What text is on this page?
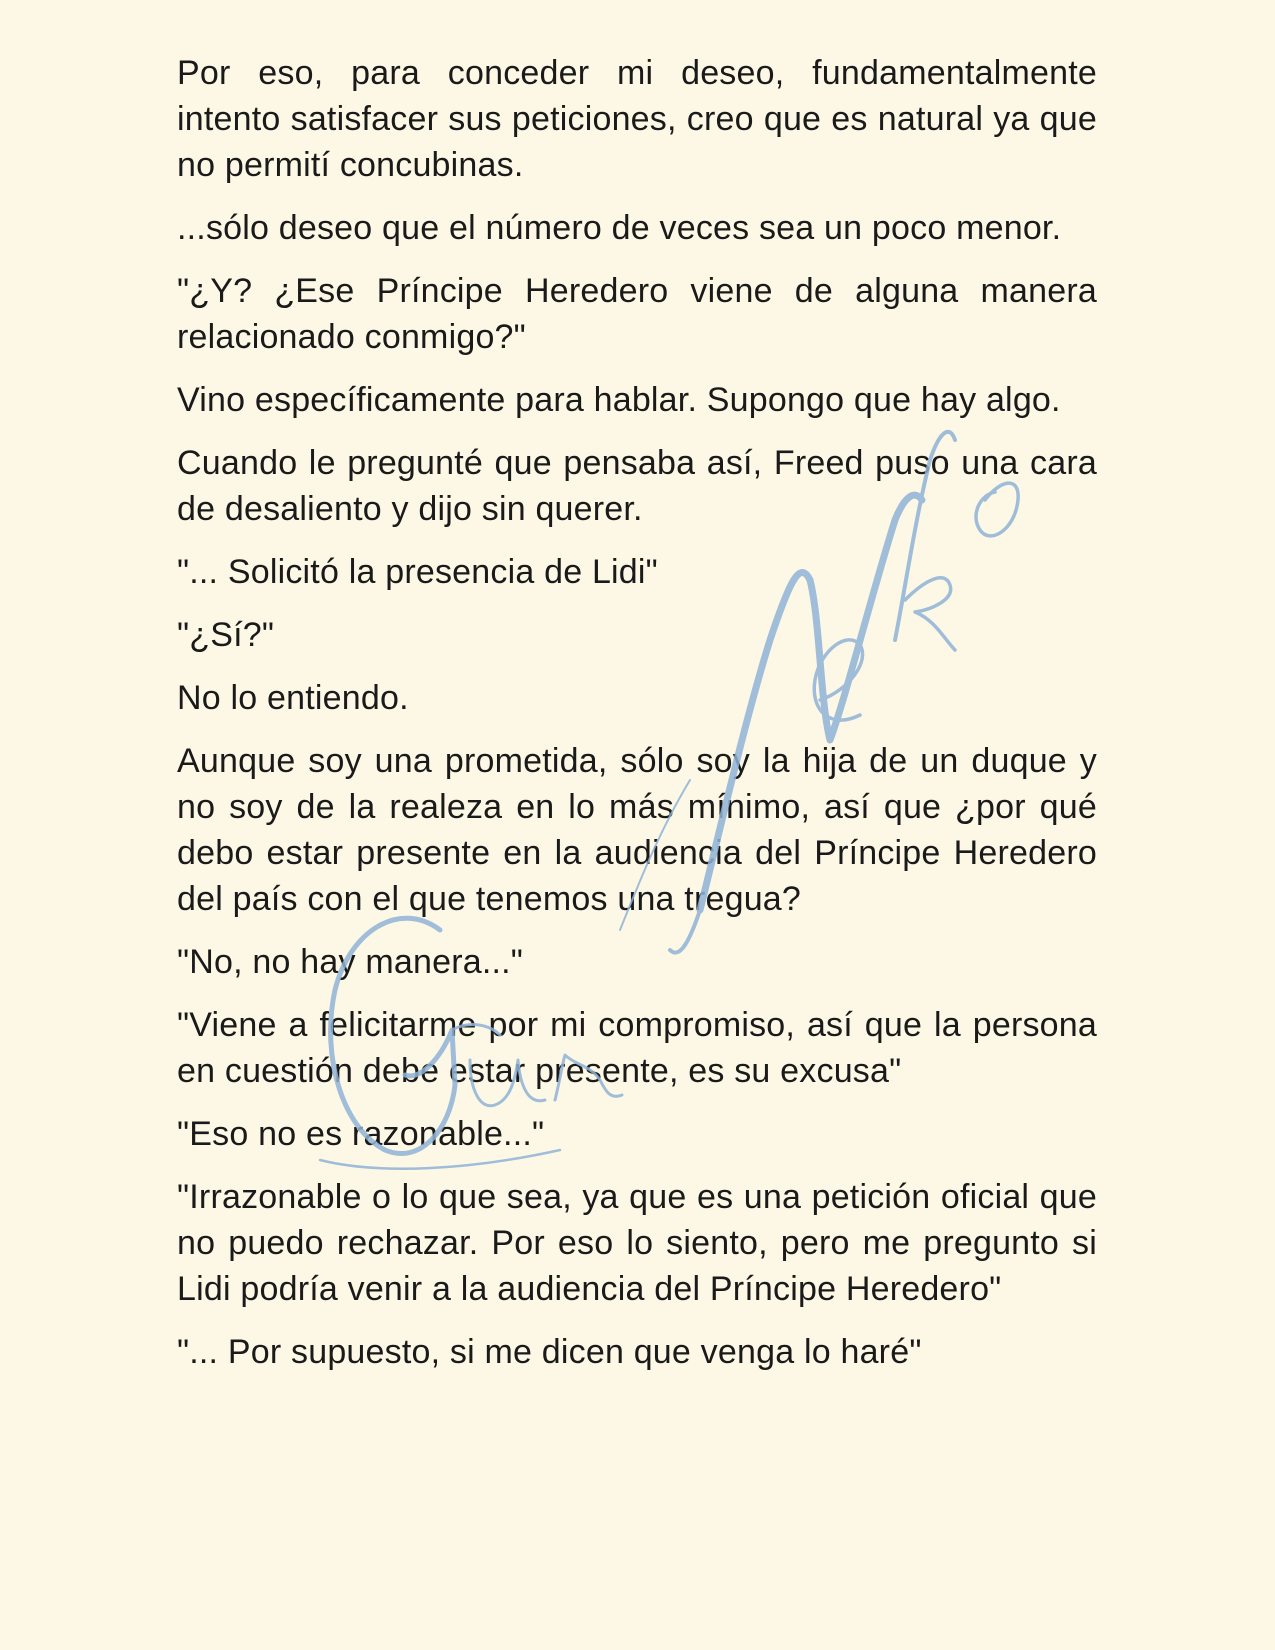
Por eso, para conceder mi deseo, fundamentalmente intento satisfacer sus peticiones, creo que es natural ya que no permití concubinas.

...sólo deseo que el número de veces sea un poco menor.

"¿Y? ¿Ese Príncipe Heredero viene de alguna manera relacionado conmigo?"

Vino específicamente para hablar. Supongo que hay algo.

Cuando le pregunté que pensaba así, Freed puso una cara de desaliento y dijo sin querer.

"... Solicitó la presencia de Lidi"

"¿Sí?"

No lo entiendo.

Aunque soy una prometida, sólo soy la hija de un duque y no soy de la realeza en lo más mínimo, así que ¿por qué debo estar presente en la audiencia del Príncipe Heredero del país con el que tenemos una tregua?

"No, no hay manera..."

"Viene a felicitarme por mi compromiso, así que la persona en cuestión debe estar presente, es su excusa"

"Eso no es razonable..."

"Irrazonable o lo que sea, ya que es una petición oficial que no puedo rechazar. Por eso lo siento, pero me pregunto si Lidi podría venir a la audiencia del Príncipe Heredero"

"... Por supuesto, si me dicen que venga lo haré"
